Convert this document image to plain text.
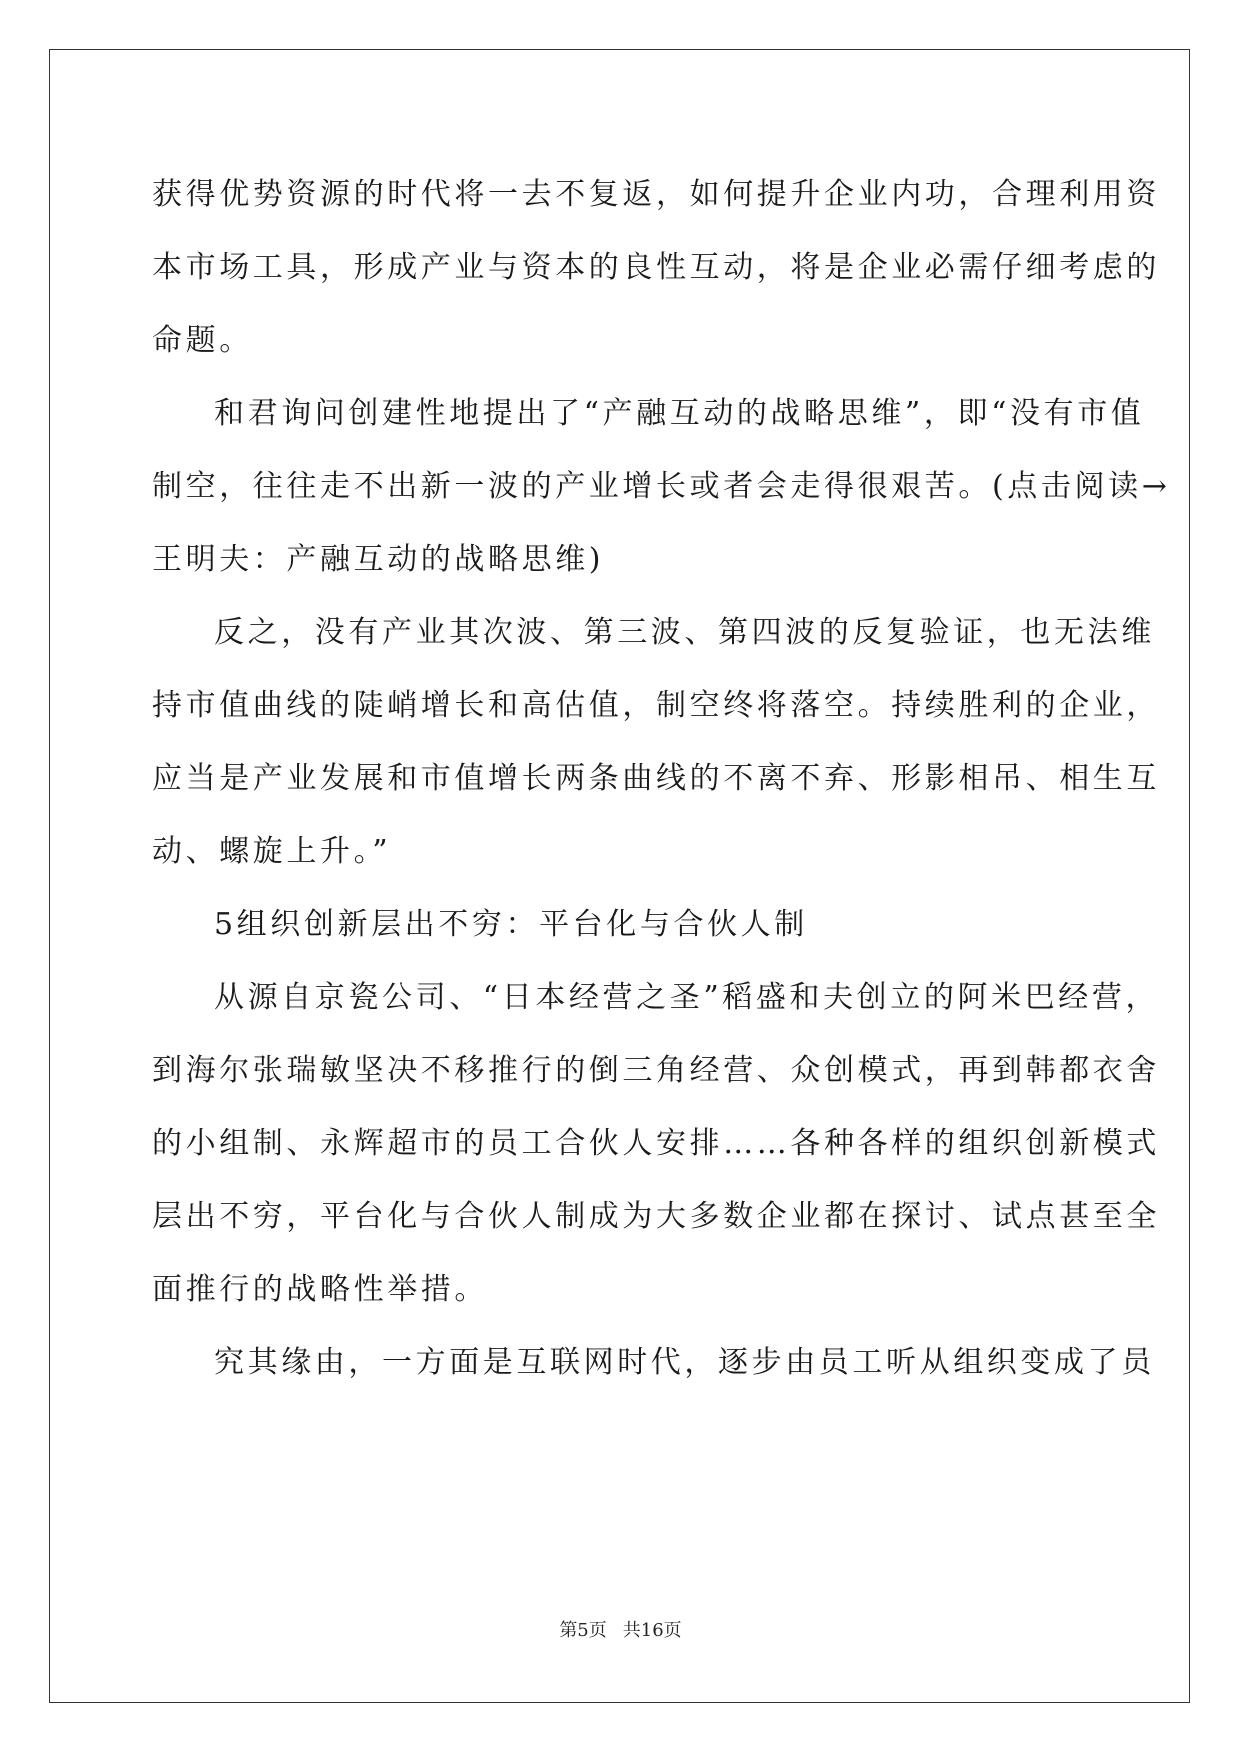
获得优势资源的时代将一去不复返，如何提升企业内功，合理利用资
本市场工具，形成产业与资本的良性互动，将是企业必需仔细考虑的
命题。
和君询问创建性地提出了“产融互动的战略思维”，即“没有市值
制空，往往走不出新一波的产业增长或者会走得很艰苦。(点击阅读→
王明夫：产融互动的战略思维)
反之，没有产业其次波、第三波、第四波的反复验证，也无法维
持市值曲线的陡峭增长和高估值，制空终将落空。持续胜利的企业，
应当是产业发展和市值增长两条曲线的不离不弃、形影相吊、相生互
动、螺旋上升。”
5组织创新层出不穷：平台化与合伙人制
从源自京瓷公司、“日本经营之圣”稻盛和夫创立的阿米巴经营，
到海尔张瑞敏坚决不移推行的倒三角经营、众创模式，再到韩都衣舍
的小组制、永辉超市的员工合伙人安排……各种各样的组织创新模式
层出不穷，平台化与合伙人制成为大多数企业都在探讨、试点甚至全
面推行的战略性举措。
究其缘由，一方面是互联网时代，逐步由员工听从组织变成了员
第5页 共16页
